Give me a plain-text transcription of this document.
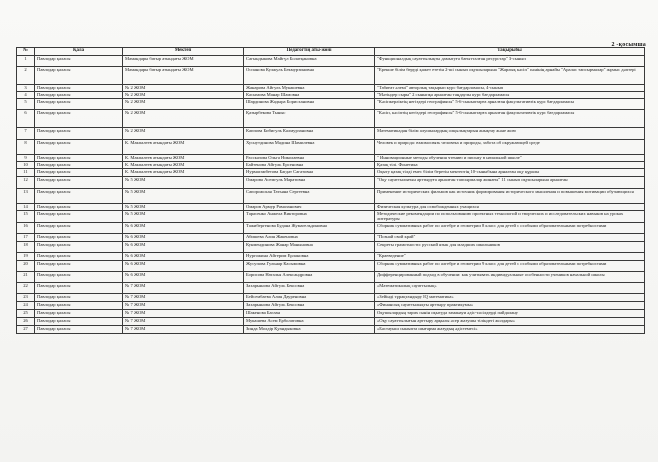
2 -қосымша
№	Қала	Мектеп	Педагогтің аты-жөні	Тақырыбы
1	Павлодар қаласы	Мамандары батыр атындағы ЖОМ	Сагындыкова Майгүл Болатқановна	"Функционалдық сауаттылықты дамытуға бағытталған ресурстар" 3-сынып
2	Павлодар қаласы	Мамандары батыр атындағы ЖОМ	Оспанова Кулжуль Бекмурзиновна	"Ерекше білім беруді қажет ететін 2-ші сынып оқушыларына "Жарлық кәсіп" пәнінің арнайы "Аралас тапсырмалар" жұмыс дәптері
3	Павлодар қаласы	№ 2 ЖОМ	Жанарова Айгуль Мукашевна	"Табиғат әлемі" авторлық тақырып курс бағдарламасы, 4-сынып
4	Павлодар қаласы	№ 2 ЖОМ	Касымова Манар Шамовна	"Мәтіндер сыры" 2 сыныпқа арналған таңдаулы курс бағдарламасы
5	Павлодар қаласы	№ 2 ЖОМ	Шардинова Жадыра Борисхановна	"Кәсіпкерліктің негіздері географиясы" 5-6-сыныптарға арналған факультативтік курс бағдарламасы
6	Павлодар қаласы	№ 2 ЖОМ	Қазырбекова Тыныс	"Кәсіп, кәсіптің негіздері географиясы" 5-6-сыныптарға арналған факультативтік курс бағдарламасы
7	Павлодар қаласы	№ 2 ЖОМ	Каппова Бибигуль Калмурзановна	Математикадан білім алушылардың олқылықтарын анықтау және жою
8	Павлодар қаласы	К. Макпалеев атындағы ЖОМ	Хуснутдинова Мадина Шамилевна	Человек и природа: взаимосвязь человека и природы, забота об окружающей среде
9	Павлодар қаласы	К. Макпалеев атындағы ЖОМ	Рассказова Ольга Николаевна	" Инновационные методы обучения чтению и письму в начальной школе"
10	Павлодар қаласы	К. Макпалеев атындағы ЖОМ	Байтенова Айгуль Ерсеновна	Қазақ тілі. Фонетика
11	Павлодар қаласы	К. Макпалеев атындағы ЖОМ	Нурмагамбетова Багдат Сагатовна	Оқыту қазақ тілді емес білім беретін мектептің 10-сыныбына арналған оқу құралы
12	Павлодар қаласы	№ 5 ЖОМ	Омарова Асемгуль Маратовна	"Оқу сауаттылығын арттыруға арналған тапсырмалар жинағы" 11 сынып оқушыларына арналған
13	Павлодар қаласы	№ 5 ЖОМ	Сапорожская Татьяна Сергеевна	Применение исторических фильмов как источник формирования исторического мышления и повышения мотивации обучающихся
14	Павлодар қаласы	№ 5 ЖОМ	Омаров Армур Рамазанович	Физическая культура для освобожденных учащихся
15	Павлодар қаласы	№ 5 ЖОМ	Тарасенко Анжела Викторовна	Методические рекомендации по использованию проектных технологий и творческих и исследовательских навыков на уроках литературы
16	Павлодар қаласы	№ 6 ЖОМ	Тажибергенова Будана Жумагельдиновна	Сборник суммативных работ по алгебре и геометрии 8 класс для детей с особыми образовательными потребностями
17	Павлодар қаласы	№ 6 ЖОМ	Абишева Алия Жакеновна	"Познай свой край"
18	Павлодар қаласы	№ 6 ЖОМ	Кунмендинова Жанар Маныновна	Секреты грамотности: русский язык для младших школьников
19	Павлодар қаласы	№ 6 ЖОМ	Нургожина Айгерим Ерлановна	"Краеведение"
20	Павлодар қаласы	№ 6 ЖОМ	Жусупова Гульнар Касымовна	Сборник суммативных работ по алгебре и геометрии 9 класс для детей с особыми образовательными потребностями
21	Павлодар қаласы	№ 6 ЖОМ	Борисова Наталья Александровна	Дифференцированный подход в обучении: как учитывать индивидуальные особенности учеников начальной школы
22	Павлодар қаласы	№ 7 ЖОМ	Захарьянова Айгуль Бексовна	«Математикалық сауаттылық»
23	Павлодар қаласы	№ 7 ЖОМ	Бейсембаева Алия Дауреновна	«Зейінді тұрақтандыру IQ математика»
24	Павлодар қаласы	№ 7 ЖОМ	Захарьянова Айгуль Бексовна	«Финансық сауаттылықты арттыру практикумы»
25	Павлодар қаласы	№ 7 ЖОМ	Шакенова Баглан	Оқушылардың тарих пәнін оқытуда заманауи әдіс-тәсілдерді пайдалану
26	Павлодар қаласы	№ 7 ЖОМ	Мукашева Асем Ерболатовна	«Оқу сауаттылығын арттыру арқылы әсер жазушы тіліндегі жолдары»
27	Павлодар қаласы	№ 7 ЖОМ	Зинда Молдір Қуандыковна	«Бастауыш сыныпта шығарма жазудың әдістемесі»
